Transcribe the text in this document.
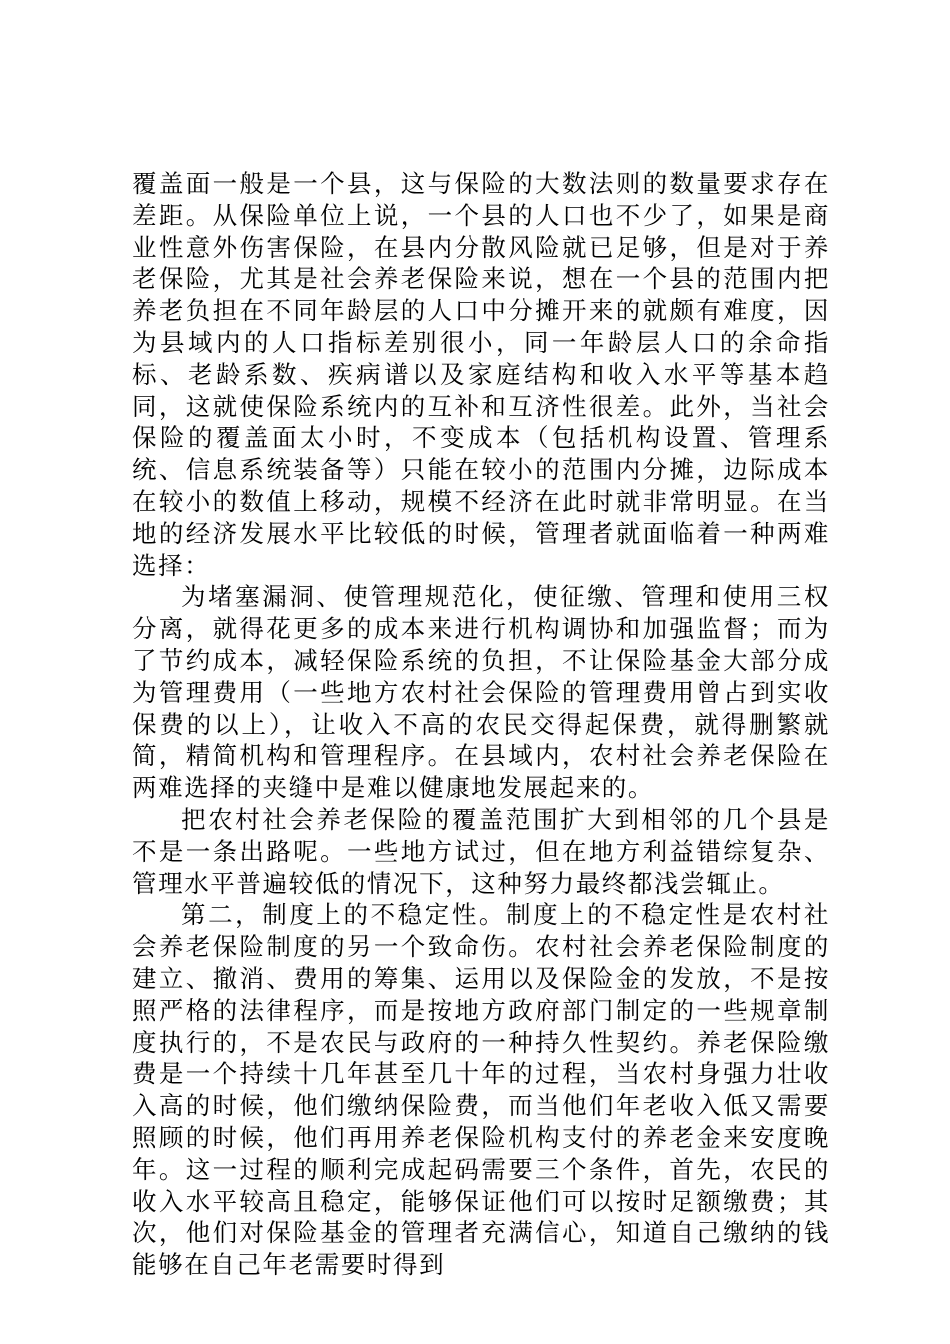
覆盖面一般是一个县，这与保险的大数法则的数量要求存在差距。从保险单位上说，一个县的人口也不少了，如果是商业性意外伤害保险，在县内分散风险就已足够，但是对于养老保险，尤其是社会养老保险来说，想在一个县的范围内把养老负担在不同年龄层的人口中分摊开来的就颇有难度，因为县域内的人口指标差别很小，同一年龄层人口的余命指标、老龄系数、疾病谱以及家庭结构和收入水平等基本趋同，这就使保险系统内的互补和互济性很差。此外，当社会保险的覆盖面太小时，不变成本（包括机构设置、管理系统、信息系统装备等）只能在较小的范围内分摊，边际成本在较小的数值上移动，规模不经济在此时就非常明显。在当地的经济发展水平比较低的时候，管理者就面临着一种两难选择：

为堵塞漏洞、使管理规范化，使征缴、管理和使用三权分离，就得花更多的成本来进行机构调协和加强监督；而为了节约成本，减轻保险系统的负担，不让保险基金大部分成为管理费用（一些地方农村社会保险的管理费用曾占到实收保费的以上），让收入不高的农民交得起保费，就得删繁就简，精简机构和管理程序。在县域内，农村社会养老保险在两难选择的夹缝中是难以健康地发展起来的。

把农村社会养老保险的覆盖范围扩大到相邻的几个县是不是一条出路呢。一些地方试过，但在地方利益错综复杂、管理水平普遍较低的情况下，这种努力最终都浅尝辄止。

第二，制度上的不稳定性。制度上的不稳定性是农村社会养老保险制度的另一个致命伤。农村社会养老保险制度的建立、撤消、费用的筹集、运用以及保险金的发放，不是按照严格的法律程序，而是按地方政府部门制定的一些规章制度执行的，不是农民与政府的一种持久性契约。养老保险缴费是一个持续十几年甚至几十年的过程，当农村身强力壮收入高的时候，他们缴纳保险费，而当他们年老收入低又需要照顾的时候，他们再用养老保险机构支付的养老金来安度晚年。这一过程的顺利完成起码需要三个条件，首先，农民的收入水平较高且稳定，能够保证他们可以按时足额缴费；其次，他们对保险基金的管理者充满信心，知道自己缴纳的钱能够在自己年老需要时得到
